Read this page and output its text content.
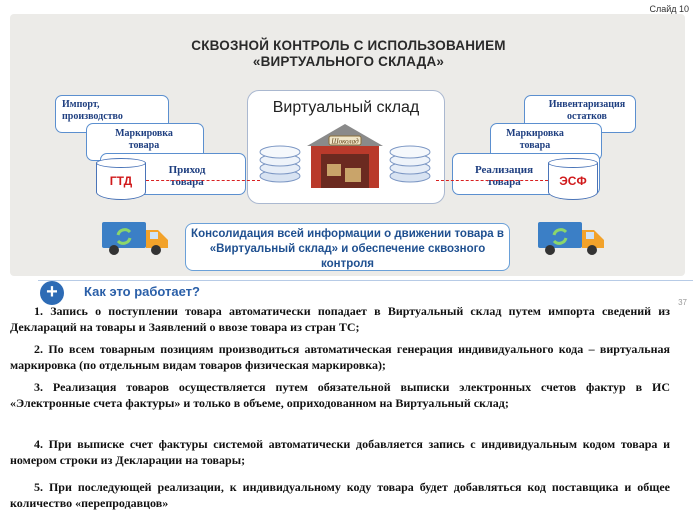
Слайд 10
СКВОЗНОЙ КОНТРОЛЬ С ИСПОЛЬЗОВАНИЕМ
«ВИРТУАЛЬНОГО СКЛАДА»
Импорт, производство
Маркировка товара
Приход товара
ГТД
Инвентаризация остатков
Маркировка товара
Реализация товара	ЭСФ
Виртуальный склад
Шоколад
Консолидация всей информации о движении товара в «Виртуальный склад» и обеспечение сквозного контроля
+	Как это работает?
37
1. Запись о поступлении товара автоматически попадает в Виртуальный склад путем импорта сведений из Деклараций на товары и Заявлений о ввозе товара из стран ТС;
2. По всем товарным позициям производиться автоматическая генерация индивидуального кода – виртуальная маркировка (по отдельным видам товаров физическая маркировка);
3. Реализация товаров осуществляется путем обязательной выписки электронных счетов фактур в ИС «Электронные счета фактуры» и только в объеме, оприходованном на Виртуальный склад;
4. При выписке счет фактуры системой автоматически добавляется запись с индивидуальным кодом товара и номером строки из Декларации на товары;
5. При последующей реализации, к индивидуальному коду товара будет добавляться код поставщика и общее количество «перепродавцов»
